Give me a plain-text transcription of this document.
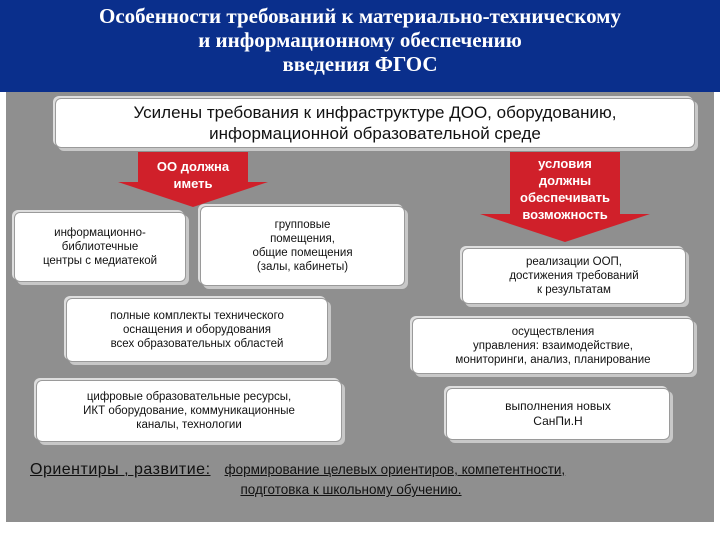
Особенности требований к материально-техническому
и информационному обеспечению
введения ФГОС
Усилены требования к инфраструктуре ДОО, оборудованию,
информационной образовательной среде
ОО должна
иметь
условия
должны
обеспечивать
возможность
информационно-
библиотечные
центры с медиатекой
групповые
помещения,
общие помещения
(залы, кабинеты)
полные комплекты технического
оснащения и оборудования
всех образовательных областей
цифровые образовательные ресурсы,
ИКТ оборудование, коммуникационные
каналы, технологии
реализации ООП,
достижения требований
к результатам
осуществления
управления: взаимодействие,
мониторинги, анализ, планирование
выполнения новых
СанПи.Н
Ориентиры , развитие: формирование целевых ориентиров, компетентности,
подготовка к школьному обучению.
